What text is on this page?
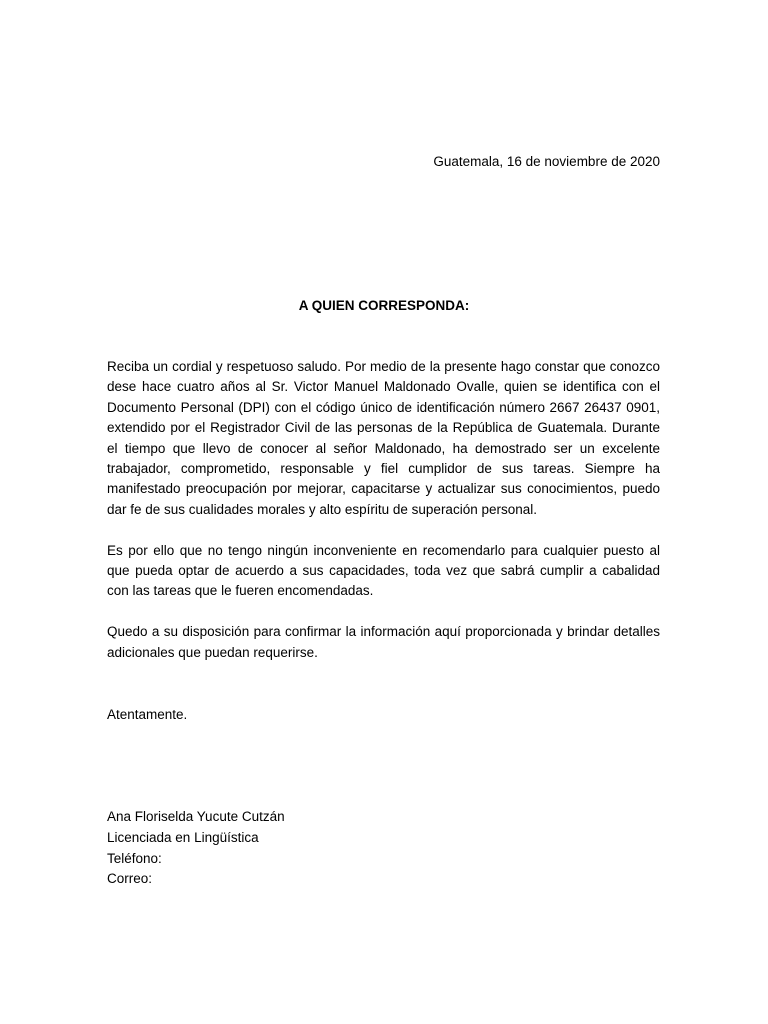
Guatemala, 16 de noviembre de 2020
A QUIEN CORRESPONDA:

Reciba un cordial y respetuoso saludo. Por medio de la presente hago constar que conozco dese hace cuatro años al Sr. Victor Manuel Maldonado Ovalle, quien se identifica con el Documento Personal (DPI) con el código único de identificación número 2667 26437 0901, extendido por el Registrador Civil de las personas de la República de Guatemala. Durante el tiempo que llevo de conocer al señor Maldonado, ha demostrado ser un excelente trabajador, comprometido, responsable y fiel cumplidor de sus tareas. Siempre ha manifestado preocupación por mejorar, capacitarse y actualizar sus conocimientos, puedo dar fe de sus cualidades morales y alto espíritu de superación personal.

Es por ello que no tengo ningún inconveniente en recomendarlo para cualquier puesto al que pueda optar de acuerdo a sus capacidades, toda vez que sabrá cumplir a cabalidad con las tareas que le fueren encomendadas.

Quedo a su disposición para confirmar la información aquí proporcionada y brindar detalles adicionales que puedan requerirse.

Atentamente.
Ana Floriselda Yucute Cutzán
Licenciada en Lingüística
Teléfono:
Correo:
